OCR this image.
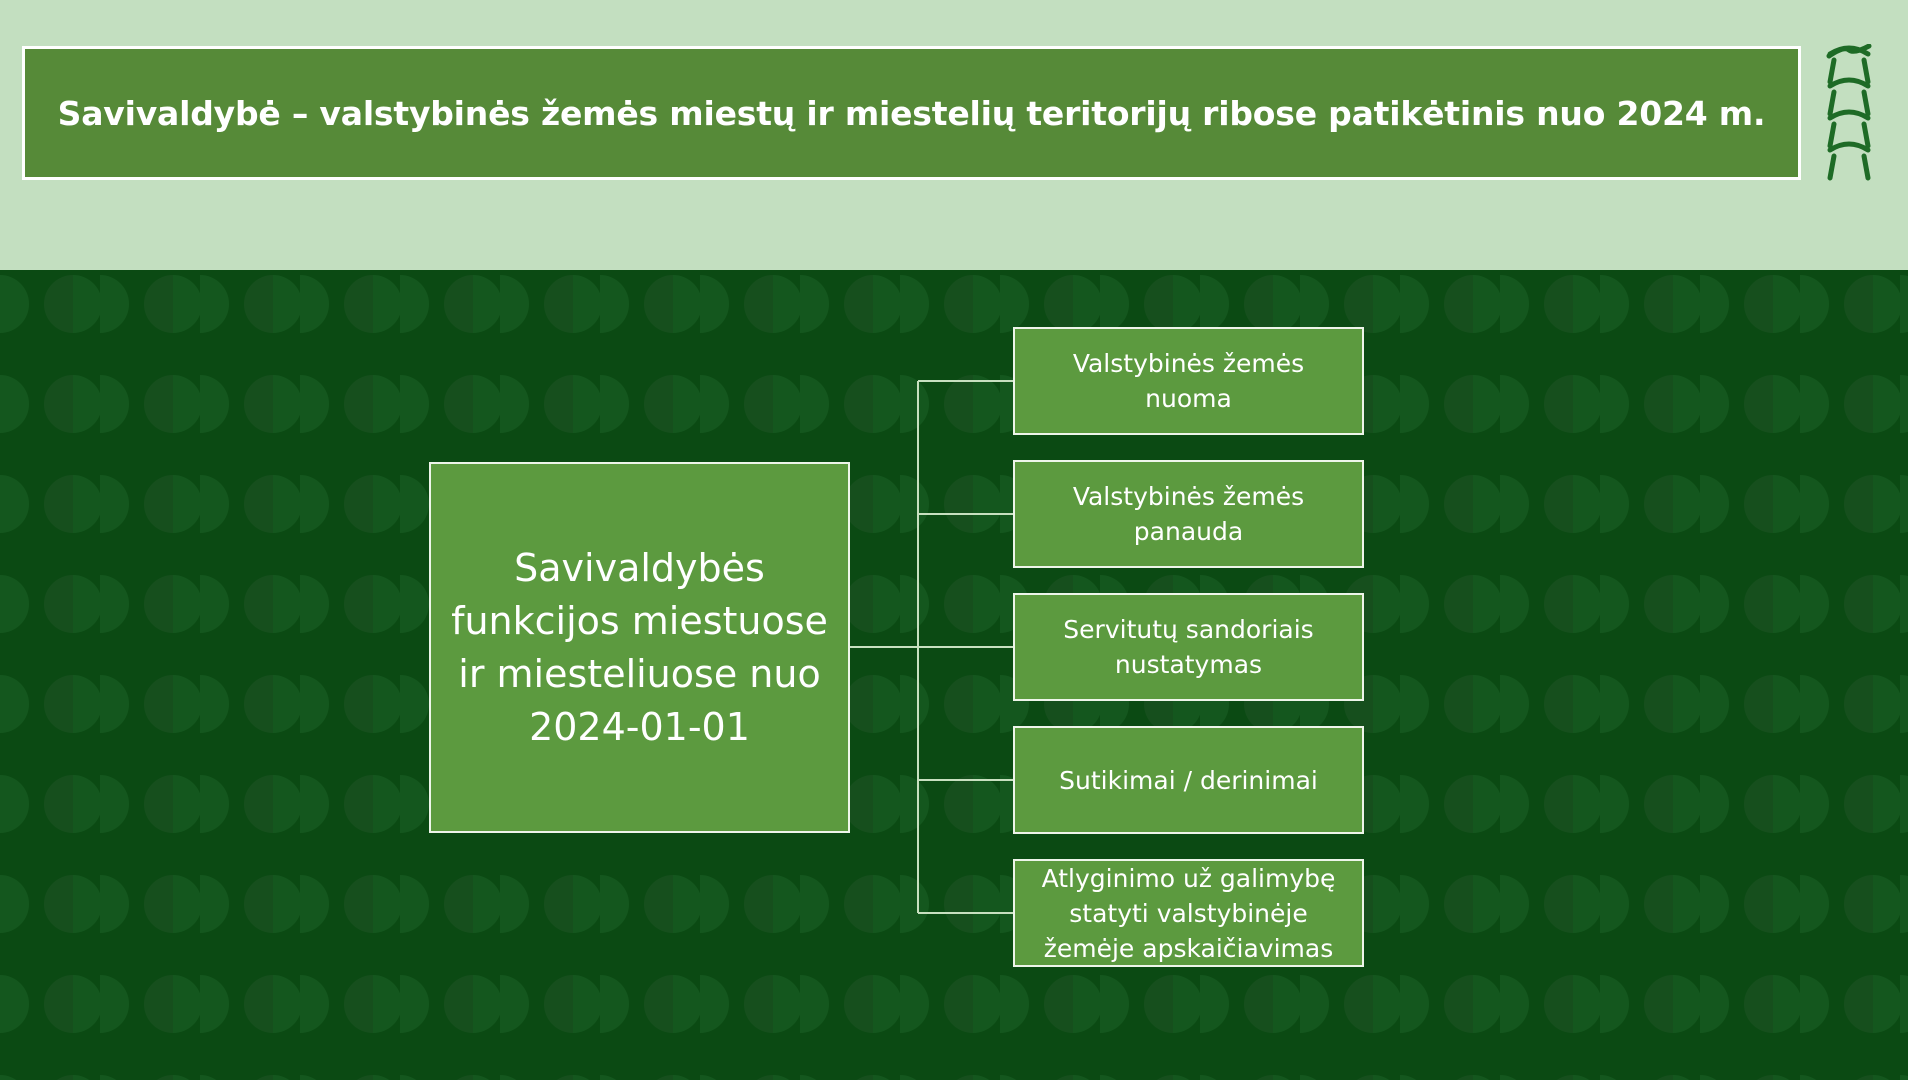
Savivaldybė – valstybinės žemės miestų ir miestelių teritorijų ribose patikėtinis nuo 2024 m.
Savivaldybės
funkcijos miestuose
ir miesteliuose nuo
2024-01-01
Valstybinės žemės
nuoma
Valstybinės žemės
panauda
Servitutų sandoriais
nustatymas
Sutikimai / derinimai
Atlyginimo už galimybę
statyti valstybinėje
žemėje apskaičiavimas
